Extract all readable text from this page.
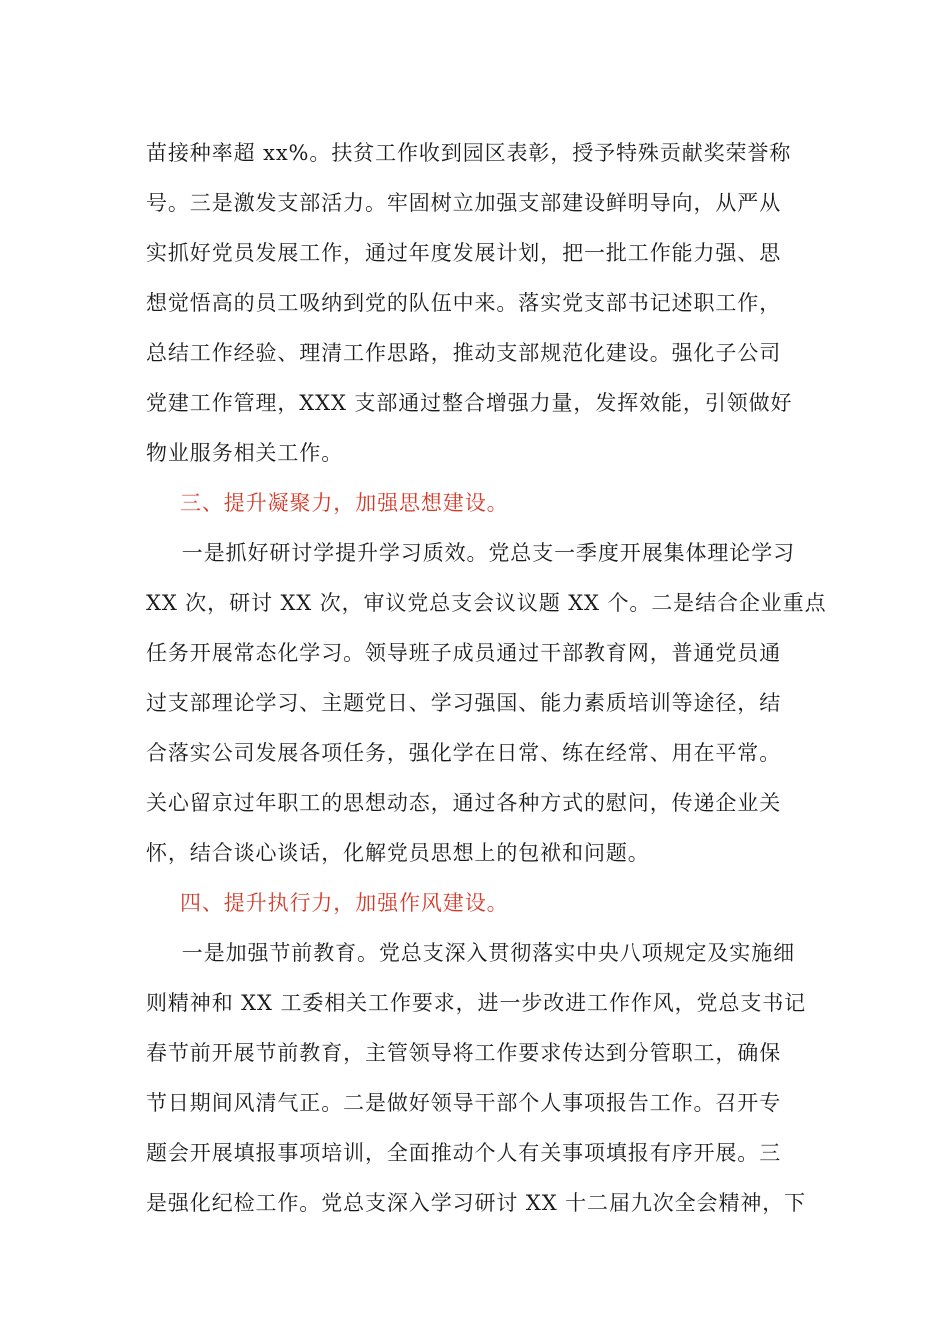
苗接种率超 xx%。扶贫工作收到园区表彰，授予特殊贡献奖荣誉称
号。三是激发支部活力。牢固树立加强支部建设鲜明导向，从严从
实抓好党员发展工作，通过年度发展计划，把一批工作能力强、思
想觉悟高的员工吸纳到党的队伍中来。落实党支部书记述职工作，
总结工作经验、理清工作思路，推动支部规范化建设。强化子公司
党建工作管理，XXX 支部通过整合增强力量，发挥效能，引领做好
物业服务相关工作。
三、提升凝聚力，加强思想建设。
　　一是抓好研讨学提升学习质效。党总支一季度开展集体理论学习
XX 次，研讨 XX 次，审议党总支会议议题 XX 个。二是结合企业重点
任务开展常态化学习。领导班子成员通过干部教育网，普通党员通
过支部理论学习、主题党日、学习强国、能力素质培训等途径，结
合落实公司发展各项任务，强化学在日常、练在经常、用在平常。
关心留京过年职工的思想动态，通过各种方式的慰问，传递企业关
怀，结合谈心谈话，化解党员思想上的包袱和问题。
四、提升执行力，加强作风建设。
　　一是加强节前教育。党总支深入贯彻落实中央八项规定及实施细
则精神和 XX 工委相关工作要求，进一步改进工作作风，党总支书记
春节前开展节前教育，主管领导将工作要求传达到分管职工，确保
节日期间风清气正。二是做好领导干部个人事项报告工作。召开专
题会开展填报事项培训，全面推动个人有关事项填报有序开展。三
是强化纪检工作。党总支深入学习研讨 XX 十二届九次全会精神，下
